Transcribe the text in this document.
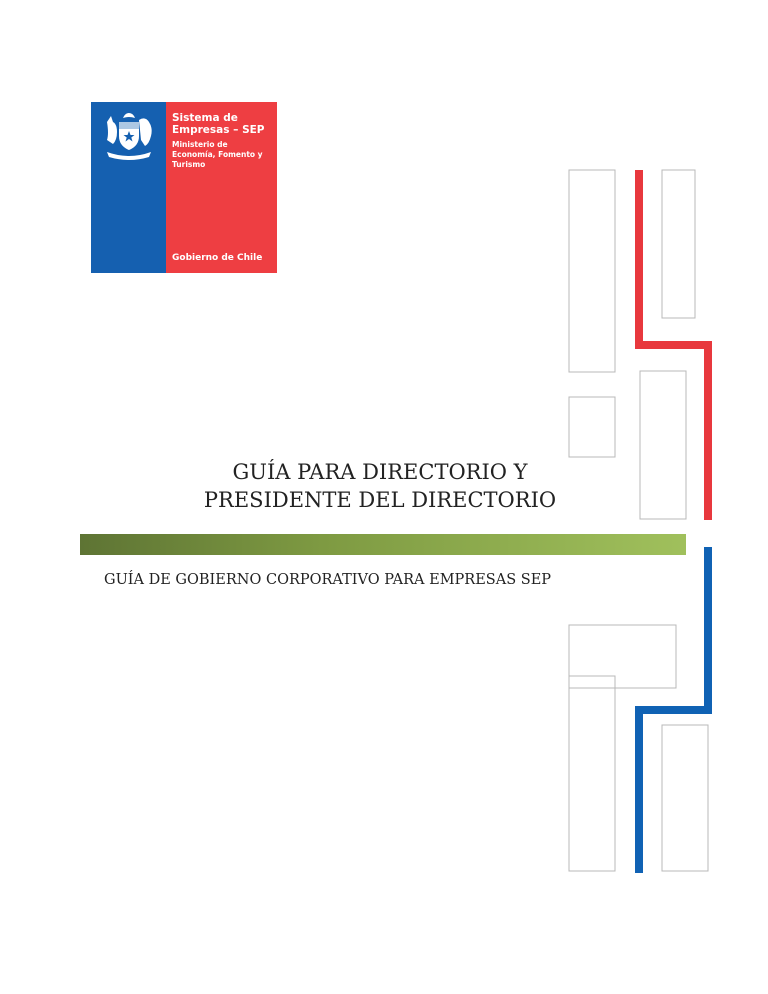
Sistema de
Empresas – SEP
Ministerio de
Economía, Fomento y
Turismo
Gobierno de Chile
GUÍA PARA DIRECTORIO Y
PRESIDENTE DEL DIRECTORIO
GUÍA DE GOBIERNO CORPORATIVO PARA EMPRESAS SEP
